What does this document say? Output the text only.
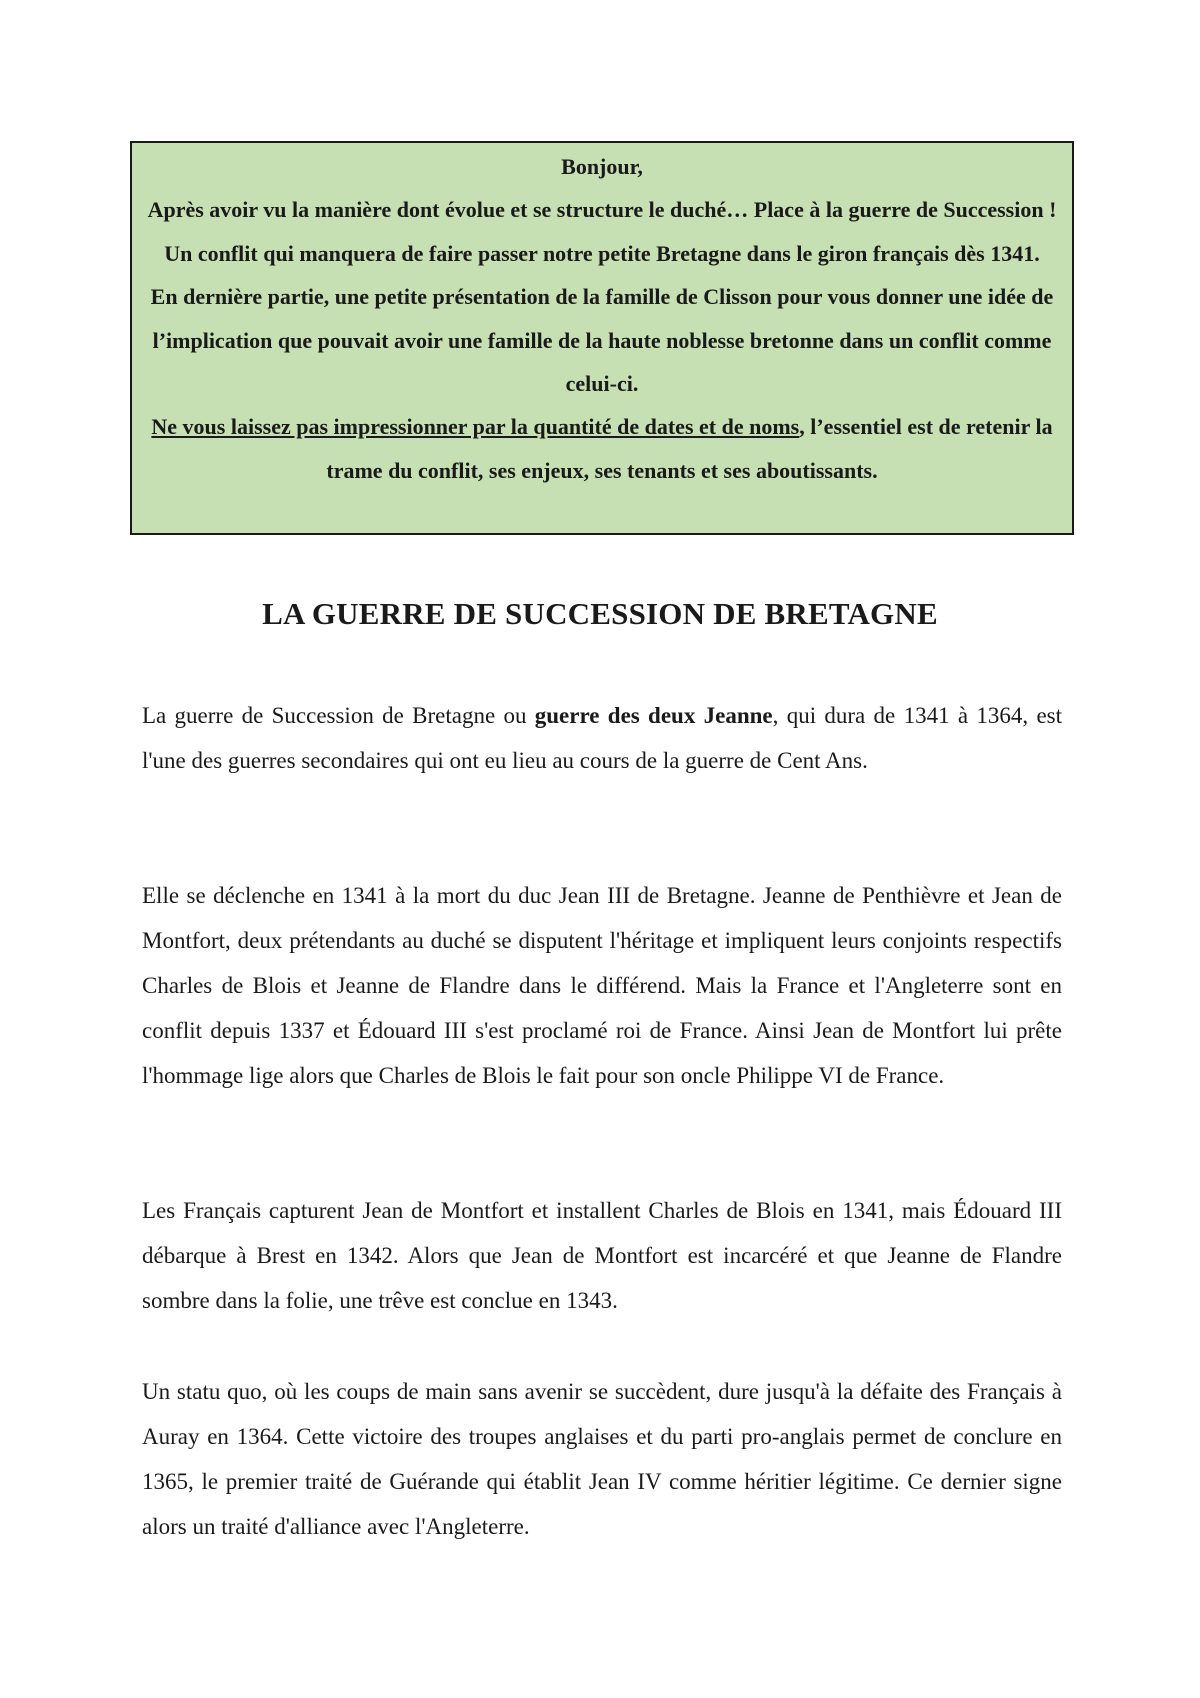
Bonjour,

Après avoir vu la manière dont évolue et se structure le duché… Place à la guerre de Succession ! Un conflit qui manquera de faire passer notre petite Bretagne dans le giron français dès 1341.

En dernière partie, une petite présentation de la famille de Clisson pour vous donner une idée de l’implication que pouvait avoir une famille de la haute noblesse bretonne dans un conflit comme celui-ci.

Ne vous laissez pas impressionner par la quantité de dates et de noms, l’essentiel est de retenir la trame du conflit, ses enjeux, ses tenants et ses aboutissants.

LA GUERRE DE SUCCESSION DE BRETAGNE

La guerre de Succession de Bretagne ou guerre des deux Jeanne, qui dura de 1341 à 1364, est l'une des guerres secondaires qui ont eu lieu au cours de la guerre de Cent Ans.

Elle se déclenche en 1341 à la mort du duc Jean III de Bretagne. Jeanne de Penthièvre et Jean de Montfort, deux prétendants au duché se disputent l'héritage et impliquent leurs conjoints respectifs Charles de Blois et Jeanne de Flandre dans le différend. Mais la France et l'Angleterre sont en conflit depuis 1337 et Édouard III s'est proclamé roi de France. Ainsi Jean de Montfort lui prête l'hommage lige alors que Charles de Blois le fait pour son oncle Philippe VI de France.

Les Français capturent Jean de Montfort et installent Charles de Blois en 1341, mais Édouard III débarque à Brest en 1342. Alors que Jean de Montfort est incarcéré et que Jeanne de Flandre sombre dans la folie, une trêve est conclue en 1343.

Un statu quo, où les coups de main sans avenir se succèdent, dure jusqu'à la défaite des Français à Auray en 1364. Cette victoire des troupes anglaises et du parti pro-anglais permet de conclure en 1365, le premier traité de Guérande qui établit Jean IV comme héritier légitime. Ce dernier signe alors un traité d'alliance avec l'Angleterre.
